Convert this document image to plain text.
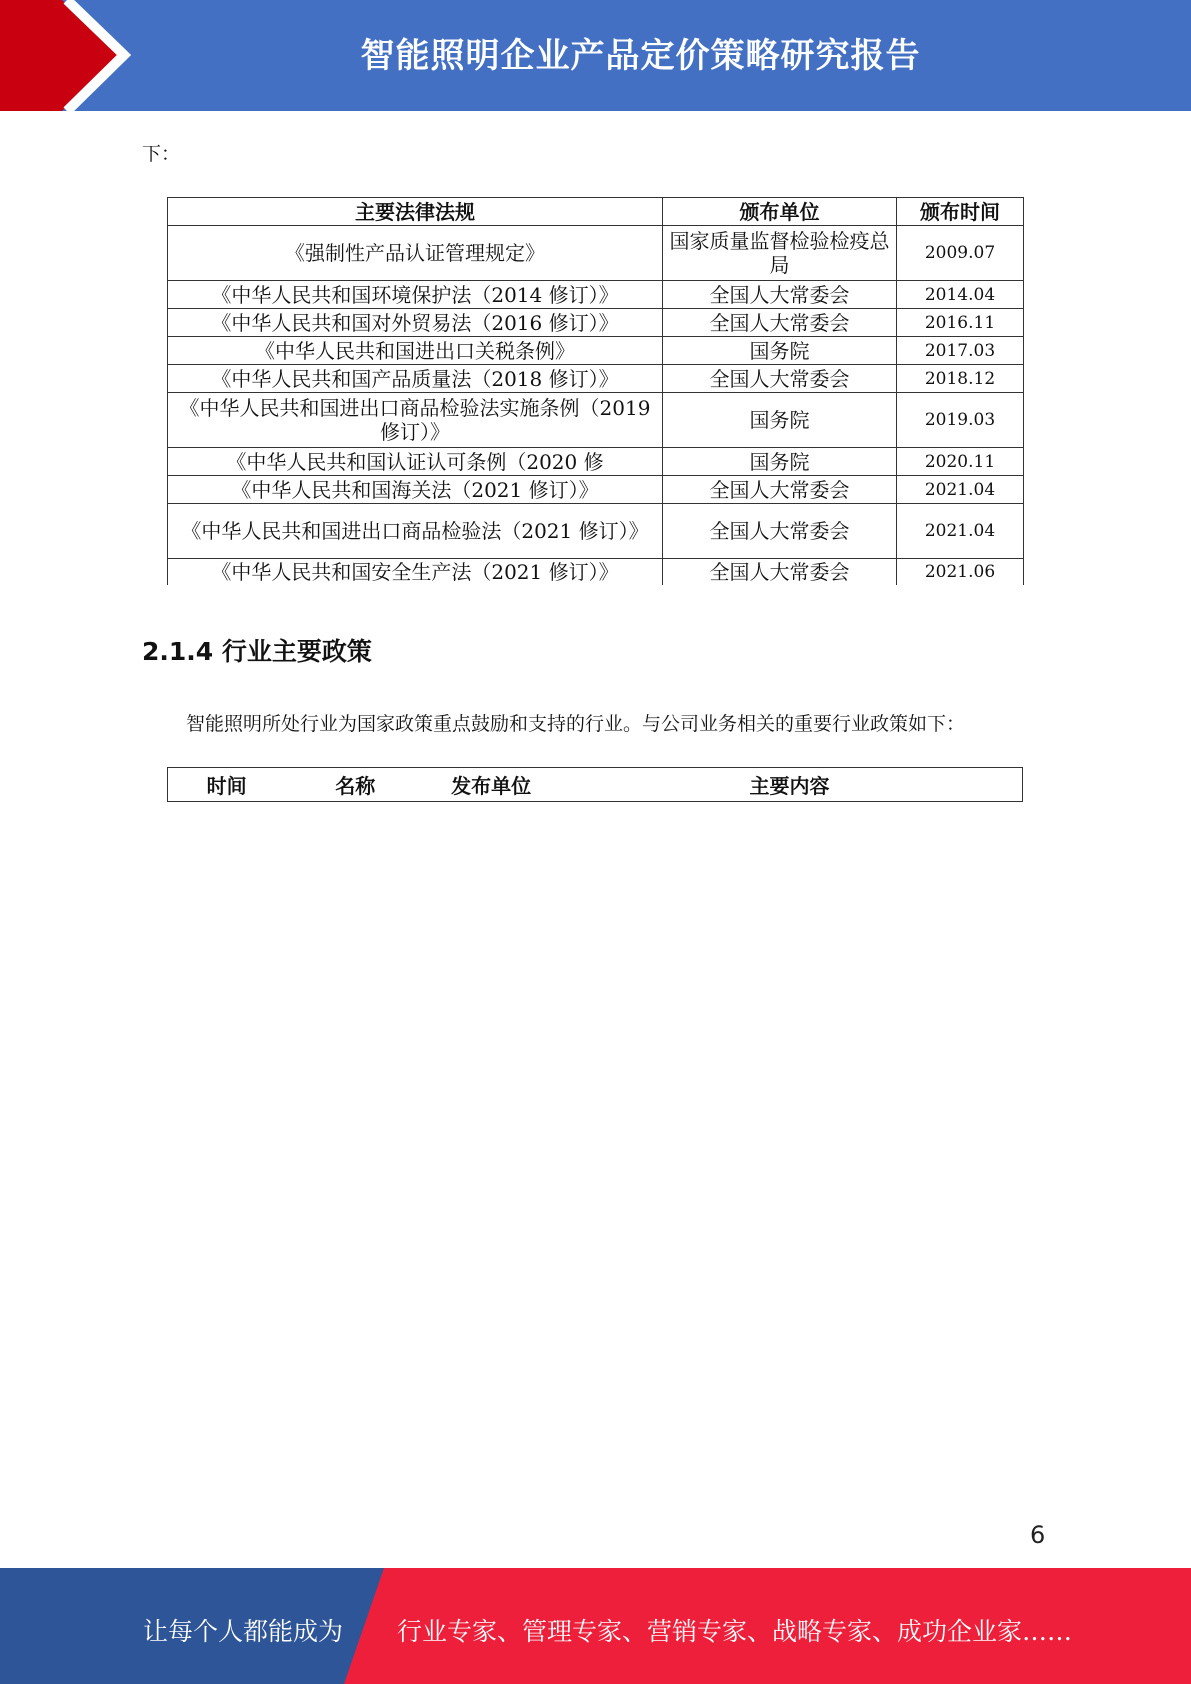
智能照明企业产品定价策略研究报告
下：
主要法律法规	颁布单位	颁布时间
《强制性产品认证管理规定》	国家质量监督检验检疫总局	2009.07
《中华人民共和国环境保护法（2014 修订）》	全国人大常委会	2014.04
《中华人民共和国对外贸易法（2016 修订）》	全国人大常委会	2016.11
《中华人民共和国进出口关税条例》	国务院	2017.03
《中华人民共和国产品质量法（2018 修订）》	全国人大常委会	2018.12
《中华人民共和国进出口商品检验法实施条例（2019 修订）》	国务院	2019.03
《中华人民共和国认证认可条例（2020 修	国务院	2020.11
《中华人民共和国海关法（2021 修订）》	全国人大常委会	2021.04
《中华人民共和国进出口商品检验法（2021 修订）》	全国人大常委会	2021.04
《中华人民共和国安全生产法（2021 修订）》	全国人大常委会	2021.06
2.1.4 行业主要政策
智能照明所处行业为国家政策重点鼓励和支持的行业。与公司业务相关的重要行业政策如下：
时间	名称	发布单位	主要内容
6
让每个人都能成为 行业专家、管理专家、营销专家、战略专家、成功企业家……
